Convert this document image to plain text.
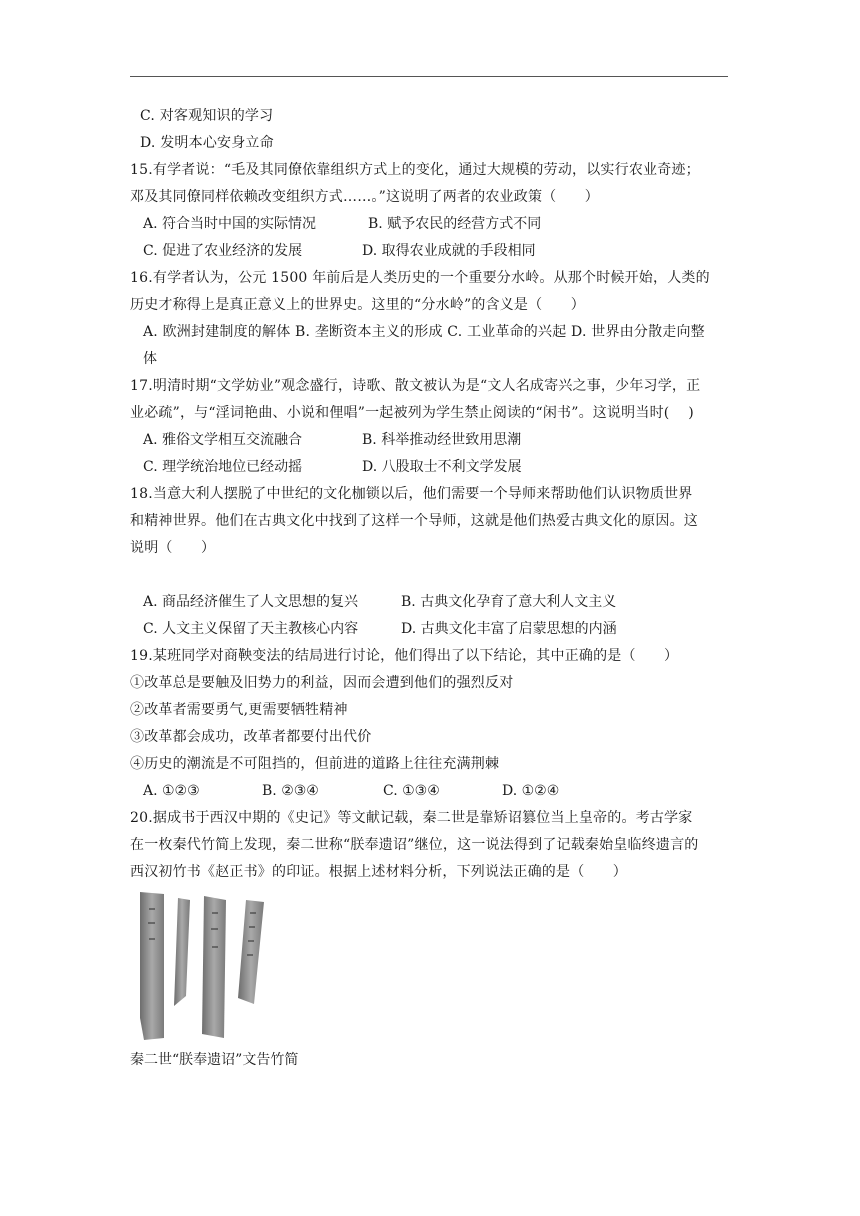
C. 对客观知识的学习
D. 发明本心安身立命
15.有学者说：“毛及其同僚依靠组织方式上的变化，通过大规模的劳动，以实行农业奇迹；
邓及其同僚同样依赖改变组织方式……。”这说明了两者的农业政策（　　）
A. 符合当时中国的实际情况	B. 赋予农民的经营方式不同
C. 促进了农业经济的发展	D. 取得农业成就的手段相同
16.有学者认为，公元 1500 年前后是人类历史的一个重要分水岭。从那个时候开始，人类的
历史才称得上是真正意义上的世界史。这里的“分水岭”的含义是（　　）
A. 欧洲封建制度的解体 B. 垄断资本主义的形成 C. 工业革命的兴起 D. 世界由分散走向整
体
17.明清时期“文学妨业”观念盛行，诗歌、散文被认为是“文人名成寄兴之事，少年习学，正
业必疏”，与“淫词艳曲、小说和俚唱”一起被列为学生禁止阅读的“闲书”。这说明当时(　 )
A. 雅俗文学相互交流融合	B. 科举推动经世致用思潮
C. 理学统治地位已经动摇	D. 八股取士不利文学发展
18.当意大利人摆脱了中世纪的文化枷锁以后，他们需要一个导师来帮助他们认识物质世界
和精神世界。他们在古典文化中找到了这样一个导师，这就是他们热爱古典文化的原因。这
说明（　　）
A. 商品经济催生了人文思想的复兴	B. 古典文化孕育了意大利人文主义
C. 人文主义保留了天主教核心内容	D. 古典文化丰富了启蒙思想的内涵
19.某班同学对商鞅变法的结局进行讨论，他们得出了以下结论，其中正确的是（　　）
①改革总是要触及旧势力的利益，因而会遭到他们的强烈反对
②改革者需要勇气,更需要牺牲精神
③改革都会成功，改革者都要付出代价
④历史的潮流是不可阻挡的，但前进的道路上往往充满荆棘
A. ①②③	B. ②③④	C. ①③④	D. ①②④
20.据成书于西汉中期的《史记》等文献记载，秦二世是靠矫诏篡位当上皇帝的。考古学家
在一枚秦代竹简上发现，秦二世称“朕奉遗诏”继位，这一说法得到了记载秦始皇临终遗言的
西汉初竹书《赵正书》的印证。根据上述材料分析，下列说法正确的是（　　）
秦二世“朕奉遗诏”文告竹简
